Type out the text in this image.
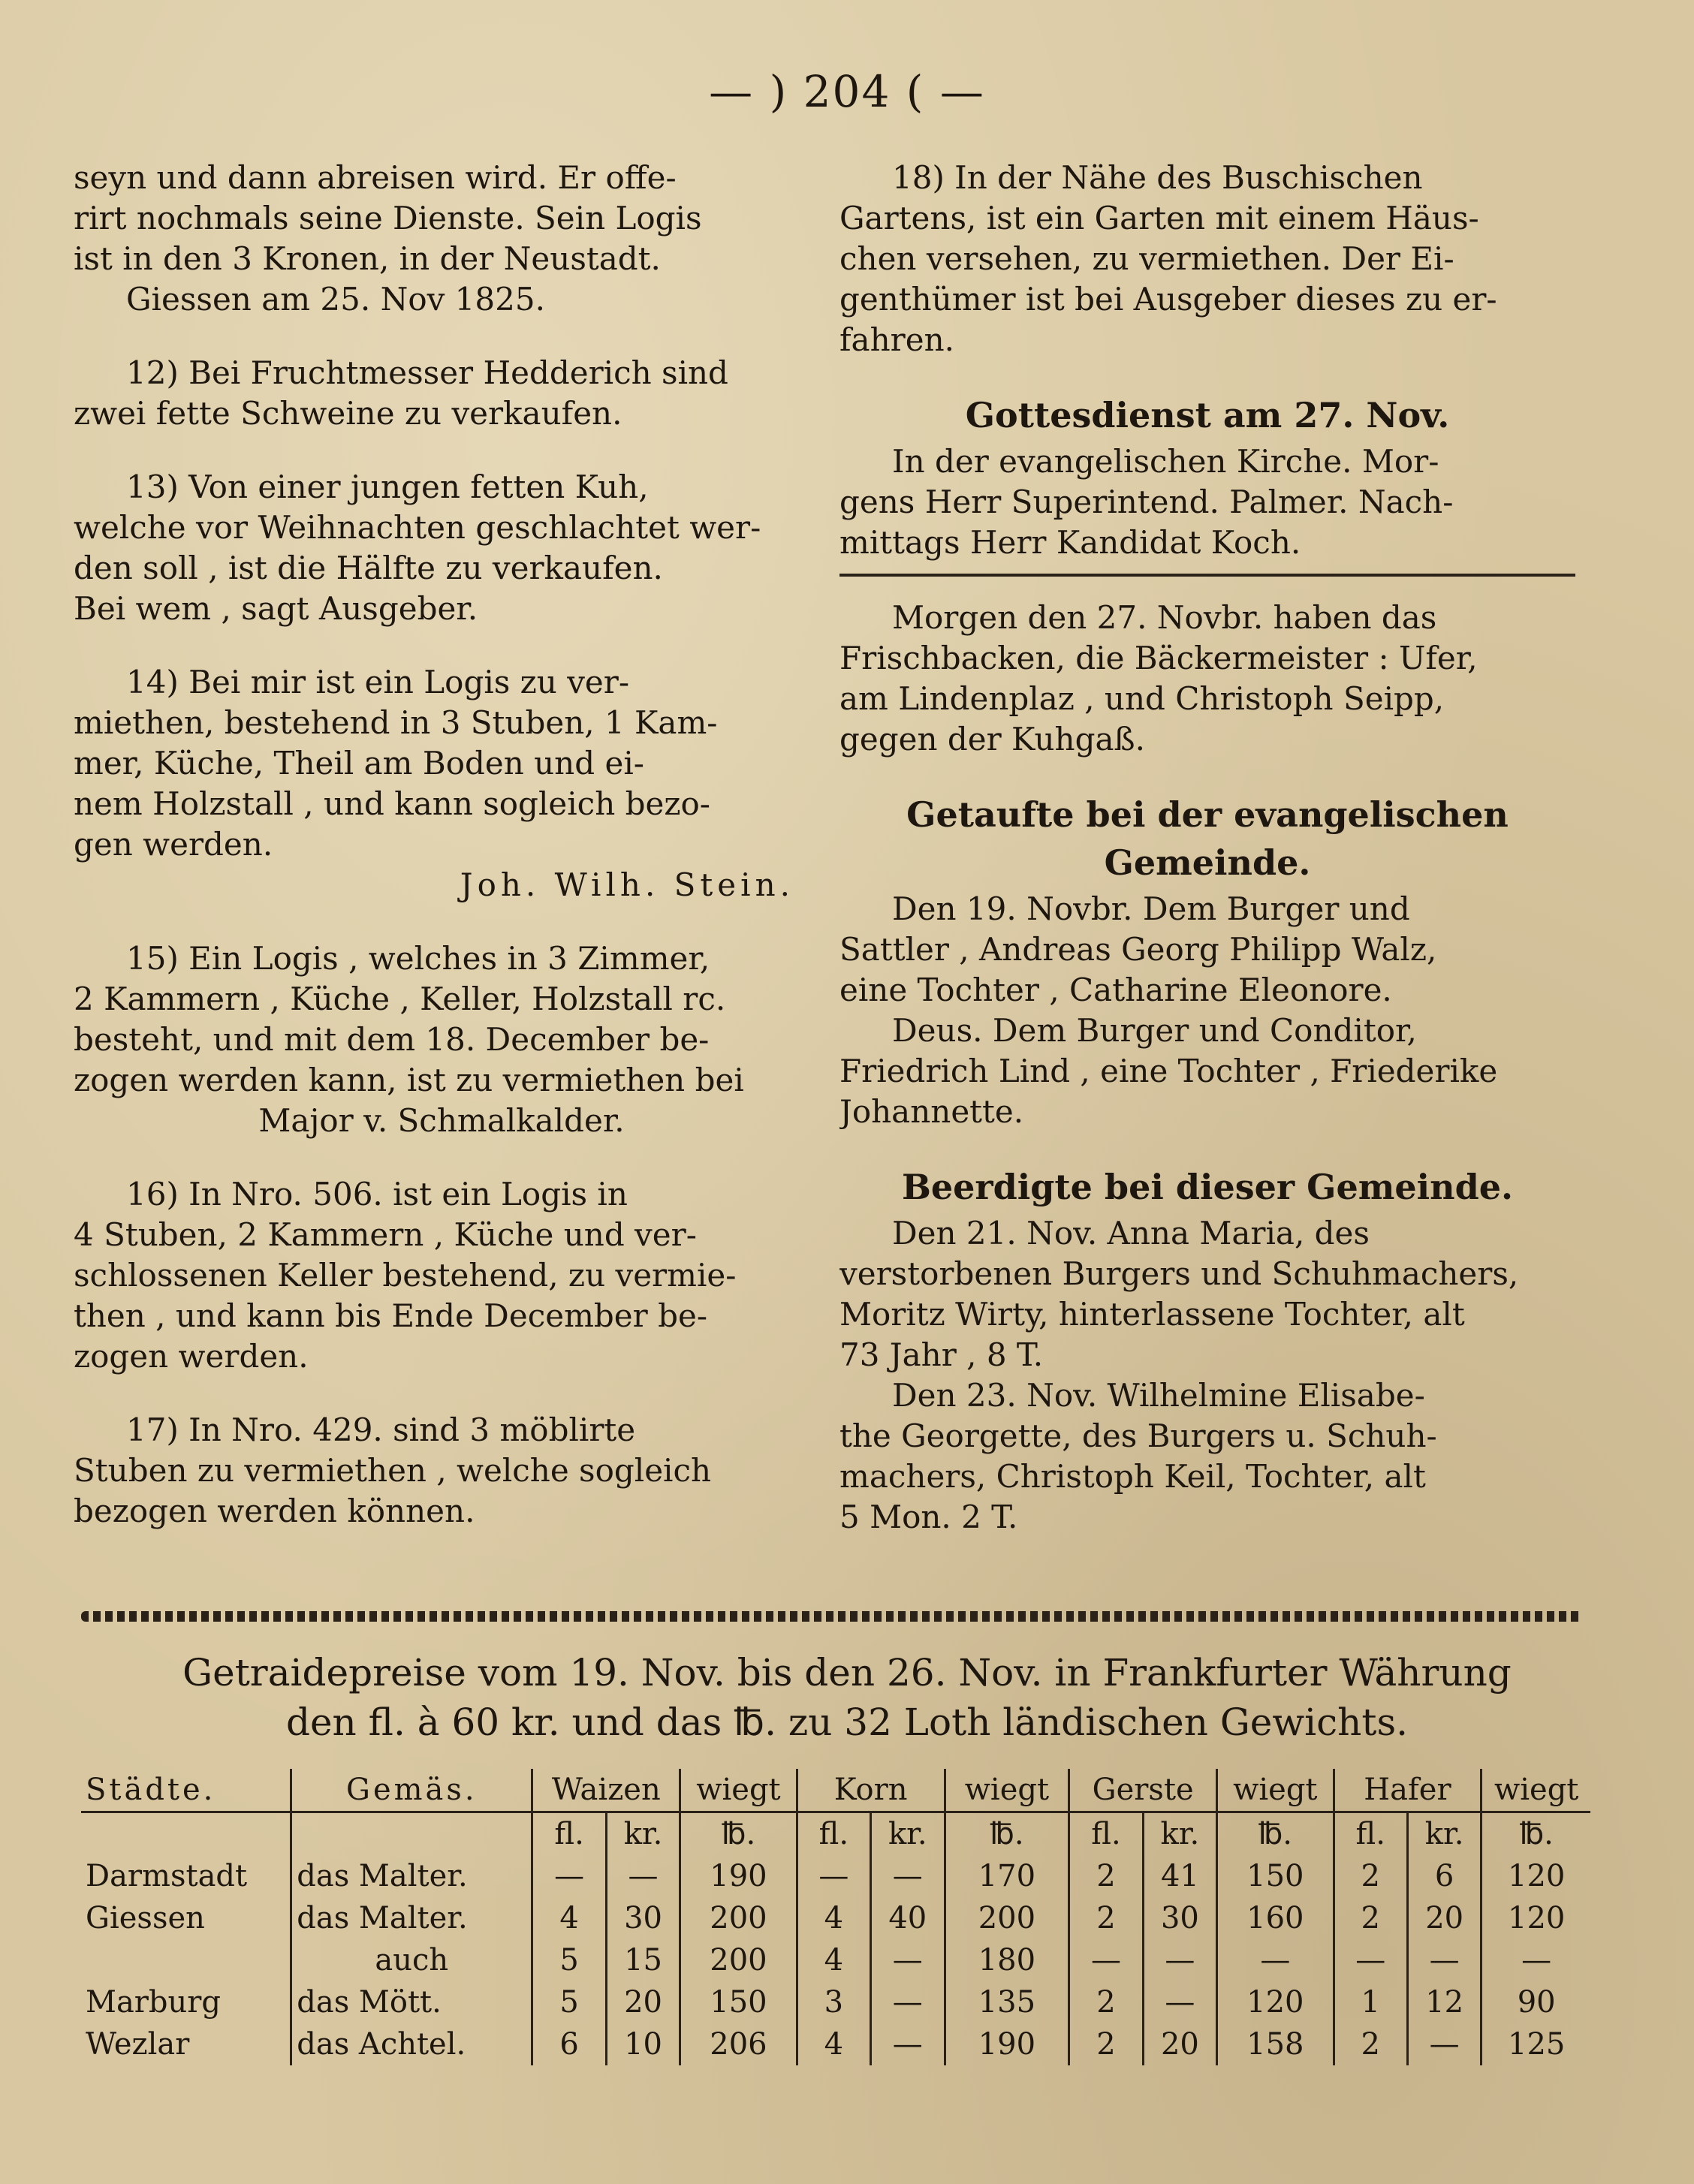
— ) 204 ( —
seyn und dann abreisen wird. Er offe-
rirt nochmals seine Dienste. Sein Logis
ist in den 3 Kronen, in der Neustadt.
Giessen am 25. Nov 1825.
12) Bei Fruchtmesser Hedderich sind
zwei fette Schweine zu verkaufen.
13) Von einer jungen fetten Kuh,
welche vor Weihnachten geschlachtet wer-
den soll , ist die Hälfte zu verkaufen.
Bei wem , sagt Ausgeber.
14) Bei mir ist ein Logis zu ver-
miethen, bestehend in 3 Stuben, 1 Kam-
mer, Küche, Theil am Boden und ei-
nem Holzstall , und kann sogleich bezo-
gen werden.
Joh. Wilh. Stein.
15) Ein Logis , welches in 3 Zimmer,
2 Kammern , Küche , Keller, Holzstall rc.
besteht, und mit dem 18. December be-
zogen werden kann, ist zu vermiethen bei
Major v. Schmalkalder.
16) In Nro. 506. ist ein Logis in
4 Stuben, 2 Kammern , Küche und ver-
schlossenen Keller bestehend, zu vermie-
then , und kann bis Ende December be-
zogen werden.
17) In Nro. 429. sind 3 möblirte
Stuben zu vermiethen , welche sogleich
bezogen werden können.
18) In der Nähe des Buschischen
Gartens, ist ein Garten mit einem Häus-
chen versehen, zu vermiethen. Der Ei-
genthümer ist bei Ausgeber dieses zu er-
fahren.
Gottesdienst am 27. Nov.
In der evangelischen Kirche. Mor-
gens Herr Superintend. Palmer. Nach-
mittags Herr Kandidat Koch.
Morgen den 27. Novbr. haben das
Frischbacken, die Bäckermeister : Ufer,
am Lindenplaz , und Christoph Seipp,
gegen der Kuhgaß.
Getaufte bei der evangelischen
Gemeinde.
Den 19. Novbr. Dem Burger und
Sattler , Andreas Georg Philipp Walz,
eine Tochter , Catharine Eleonore.
Deus. Dem Burger und Conditor,
Friedrich Lind , eine Tochter , Friederike
Johannette.
Beerdigte bei dieser Gemeinde.
Den 21. Nov. Anna Maria, des
verstorbenen Burgers und Schuhmachers,
Moritz Wirty, hinterlassene Tochter, alt
73 Jahr , 8 T.
Den 23. Nov. Wilhelmine Elisabe-
the Georgette, des Burgers u. Schuh-
machers, Christoph Keil, Tochter, alt
5 Mon. 2 T.
Getraidepreise vom 19. Nov. bis den 26. Nov. in Frankfurter Währung
den fl. à 60 kr. und das ℔. zu 32 Loth ländischen Gewichts.
Städte.	Gemäs.	Waizen		wiegt	Korn		wiegt	Gerste		wiegt	Hafer		wiegt
		fl.	kr.	℔.	fl.	kr.	℔.	fl.	kr.	℔.	fl.	kr.	℔.
Darmstadt	das Malter.	—	—	190	—	—	170	2	41	150	2	6	120
Giessen	das Malter.	4	30	200	4	40	200	2	30	160	2	20	120
	auch	5	15	200	4	—	180	—	—	—	—	—	—
Marburg	das Mött.	5	20	150	3	—	135	2	—	120	1	12	90
Wezlar	das Achtel.	6	10	206	4	—	190	2	20	158	2	—	125
